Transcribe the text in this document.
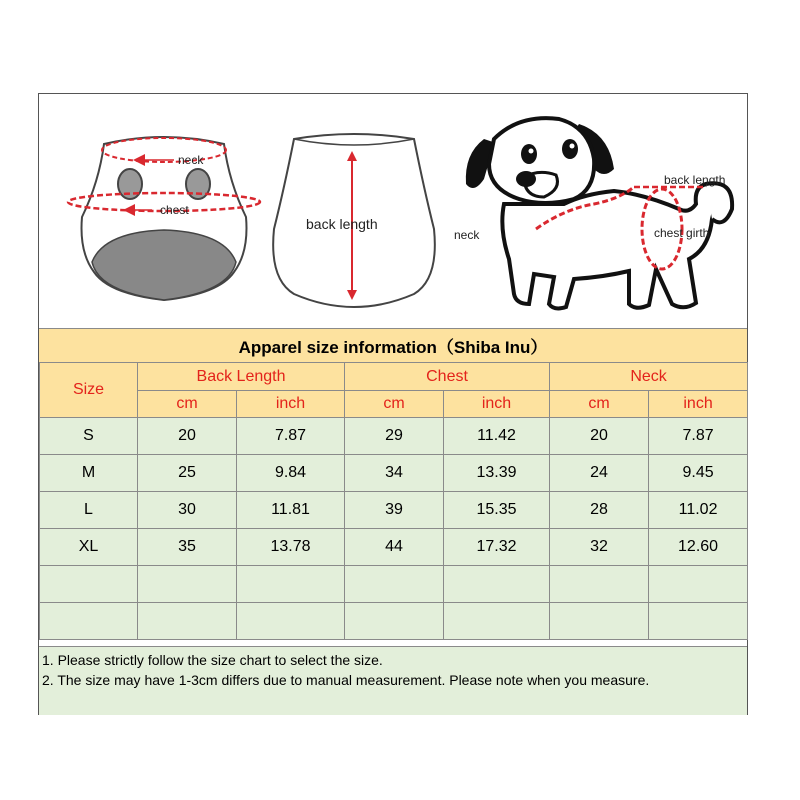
neck
chest
back length
back length
neck	chest girth
Apparel size information（Shiba Inu）
Size	Back Length		Chest		Neck	
	cm	inch	cm	inch	cm	inch
S	20	7.87	29	11.42	20	7.87
M	25	9.84	34	13.39	24	9.45
L	30	11.81	39	15.35	28	11.02
XL	35	13.78	44	17.32	32	12.60

1. Please strictly follow the size chart to select the size.
2. The size may have 1-3cm differs due to manual measurement. Please note when you measure.
